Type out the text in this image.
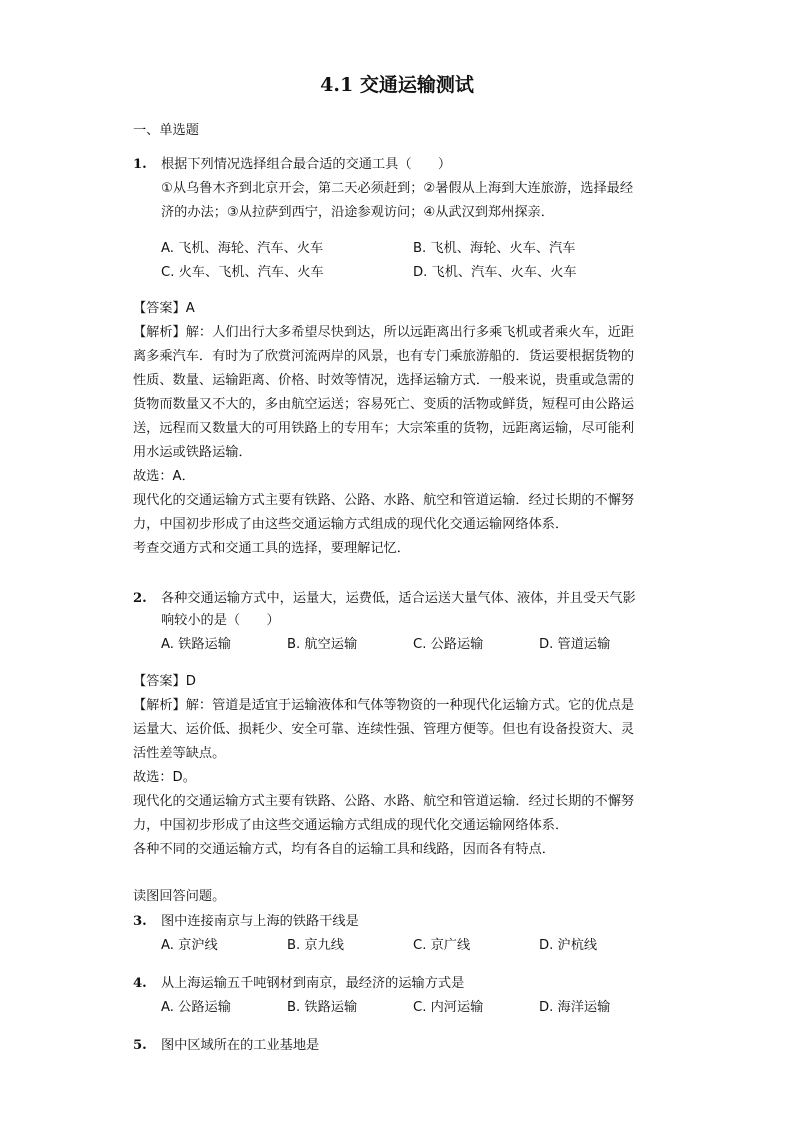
4.1 交通运输测试
一、单选题
1. 根据下列情况选择组合最合适的交通工具（　　）
①从乌鲁木齐到北京开会，第二天必须赶到；②暑假从上海到大连旅游，选择最经
济的办法；③从拉萨到西宁，沿途参观访问；④从武汉到郑州探亲．
A. 飞机、海轮、汽车、火车	B. 飞机、海轮、火车、汽车
C. 火车、飞机、汽车、火车	D. 飞机、汽车、火车、火车
【答案】A
【解析】解：人们出行大多希望尽快到达，所以远距离出行多乘飞机或者乘火车，近距
离多乘汽车．有时为了欣赏河流两岸的风景，也有专门乘旅游船的．货运要根据货物的
性质、数量、运输距离、价格、时效等情况，选择运输方式．一般来说，贵重或急需的
货物而数量又不大的，多由航空运送；容易死亡、变质的活物或鲜货，短程可由公路运
送，远程而又数量大的可用铁路上的专用车；大宗笨重的货物，远距离运输，尽可能利
用水运或铁路运输．
故选：A．
现代化的交通运输方式主要有铁路、公路、水路、航空和管道运输．经过长期的不懈努
力，中国初步形成了由这些交通运输方式组成的现代化交通运输网络体系．
考查交通方式和交通工具的选择，要理解记忆．
2. 各种交通运输方式中，运量大，运费低，适合运送大量气体、液体，并且受天气影
响较小的是（　　）
A. 铁路运输	B. 航空运输	C. 公路运输	D. 管道运输
【答案】D
【解析】解：管道是适宜于运输液体和气体等物资的一种现代化运输方式。它的优点是
运量大、运价低、损耗少、安全可靠、连续性强、管理方便等。但也有设备投资大、灵
活性差等缺点。
故选：D。
现代化的交通运输方式主要有铁路、公路、水路、航空和管道运输．经过长期的不懈努
力，中国初步形成了由这些交通运输方式组成的现代化交通运输网络体系．
各种不同的交通运输方式，均有各自的运输工具和线路，因而各有特点．
读图回答问题。
3. 图中连接南京与上海的铁路干线是
A. 京沪线	B. 京九线	C. 京广线	D. 沪杭线
4. 从上海运输五千吨钢材到南京，最经济的运输方式是
A. 公路运输	B. 铁路运输	C. 内河运输	D. 海洋运输
5. 图中区域所在的工业基地是
